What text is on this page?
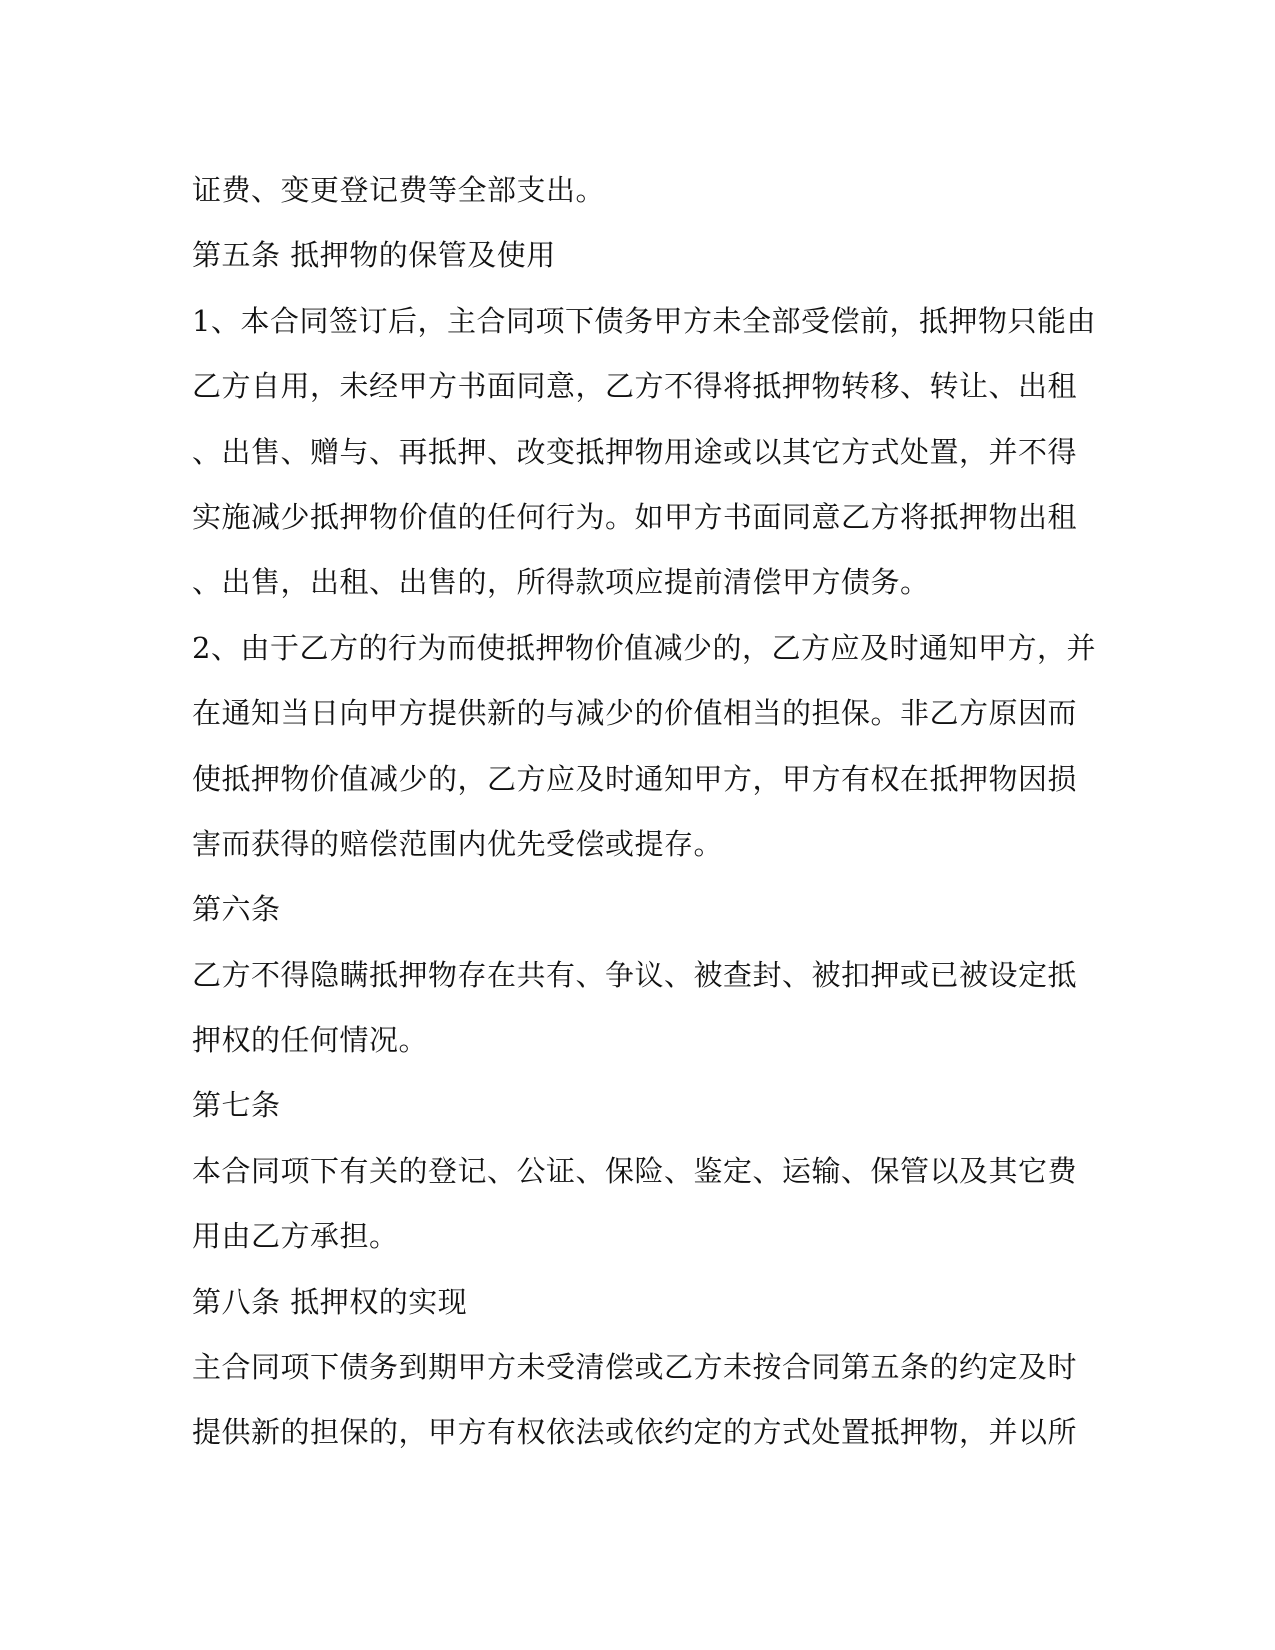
证费、变更登记费等全部支出。
第五条 抵押物的保管及使用
1、本合同签订后，主合同项下债务甲方未全部受偿前，抵押物只能由
乙方自用，未经甲方书面同意，乙方不得将抵押物转移、转让、出租
、出售、赠与、再抵押、改变抵押物用途或以其它方式处置，并不得
实施减少抵押物价值的任何行为。如甲方书面同意乙方将抵押物出租
、出售，出租、出售的，所得款项应提前清偿甲方债务。
2、由于乙方的行为而使抵押物价值减少的，乙方应及时通知甲方，并
在通知当日向甲方提供新的与减少的价值相当的担保。非乙方原因而
使抵押物价值减少的，乙方应及时通知甲方，甲方有权在抵押物因损
害而获得的赔偿范围内优先受偿或提存。
第六条
乙方不得隐瞒抵押物存在共有、争议、被查封、被扣押或已被设定抵
押权的任何情况。
第七条
本合同项下有关的登记、公证、保险、鉴定、运输、保管以及其它费
用由乙方承担。
第八条 抵押权的实现
主合同项下债务到期甲方未受清偿或乙方未按合同第五条的约定及时
提供新的担保的，甲方有权依法或依约定的方式处置抵押物，并以所
